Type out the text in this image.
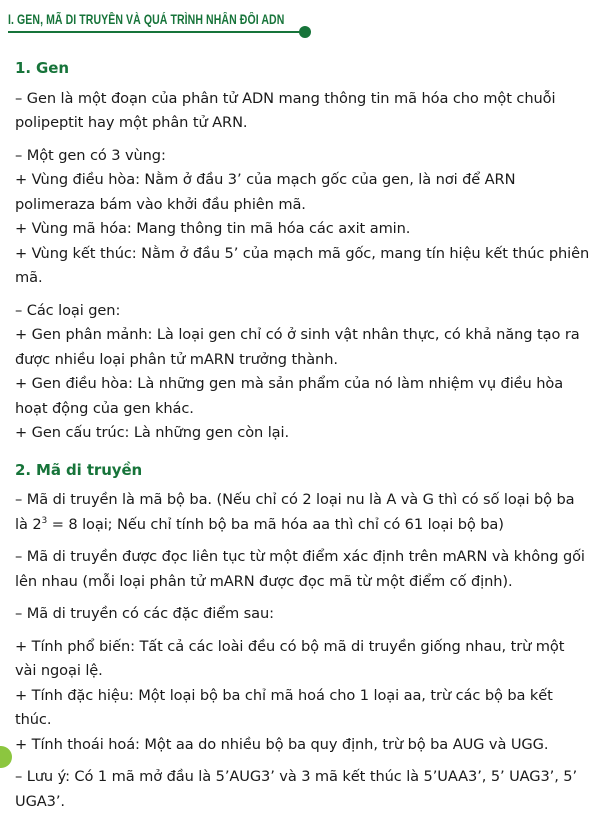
I. GEN, MÃ DI TRUYỀN VÀ QUÁ TRÌNH NHÂN ĐÔI ADN
1. Gen

– Gen là một đoạn của phân tử ADN mang thông tin mã hóa cho một chuỗi polipeptit hay một phân tử ARN.

– Một gen có 3 vùng:

+ Vùng điều hòa: Nằm ở đầu 3’ của mạch gốc của gen, là nơi để ARN polimeraza bám vào khởi đầu phiên mã.

+ Vùng mã hóa: Mang thông tin mã hóa các axit amin.

+ Vùng kết thúc: Nằm ở đầu 5’ của mạch mã gốc, mang tín hiệu kết thúc phiên mã.

– Các loại gen:

+ Gen phân mảnh: Là loại gen chỉ có ở sinh vật nhân thực, có khả năng tạo ra được nhiều loại phân tử mARN trưởng thành.

+ Gen điều hòa: Là những gen mà sản phẩm của nó làm nhiệm vụ điều hòa hoạt động của gen khác.

+ Gen cấu trúc: Là những gen còn lại.

2. Mã di truyền

– Mã di truyền là mã bộ ba. (Nếu chỉ có 2 loại nu là A và G thì có số loại bộ ba là $2^3 = 8$ loại; Nếu chỉ tính bộ ba mã hóa aa thì chỉ có 61 loại bộ ba)

– Mã di truyền được đọc liên tục từ một điểm xác định trên mARN và không gối lên nhau (mỗi loại phân tử mARN được đọc mã từ một điểm cố định).

– Mã di truyền có các đặc điểm sau:

+ Tính phổ biến: Tất cả các loài đều có bộ mã di truyền giống nhau, trừ một vài ngoại lệ.

+ Tính đặc hiệu: Một loại bộ ba chỉ mã hoá cho 1 loại aa, trừ các bộ ba kết thúc.

+ Tính thoái hoá: Một aa do nhiều bộ ba quy định, trừ bộ ba AUG và UGG.

– Lưu ý: Có 1 mã mở đầu là 5’AUG3’ và 3 mã kết thúc là 5’UAA3’, 5’ UAG3’, 5’ UGA3’.
